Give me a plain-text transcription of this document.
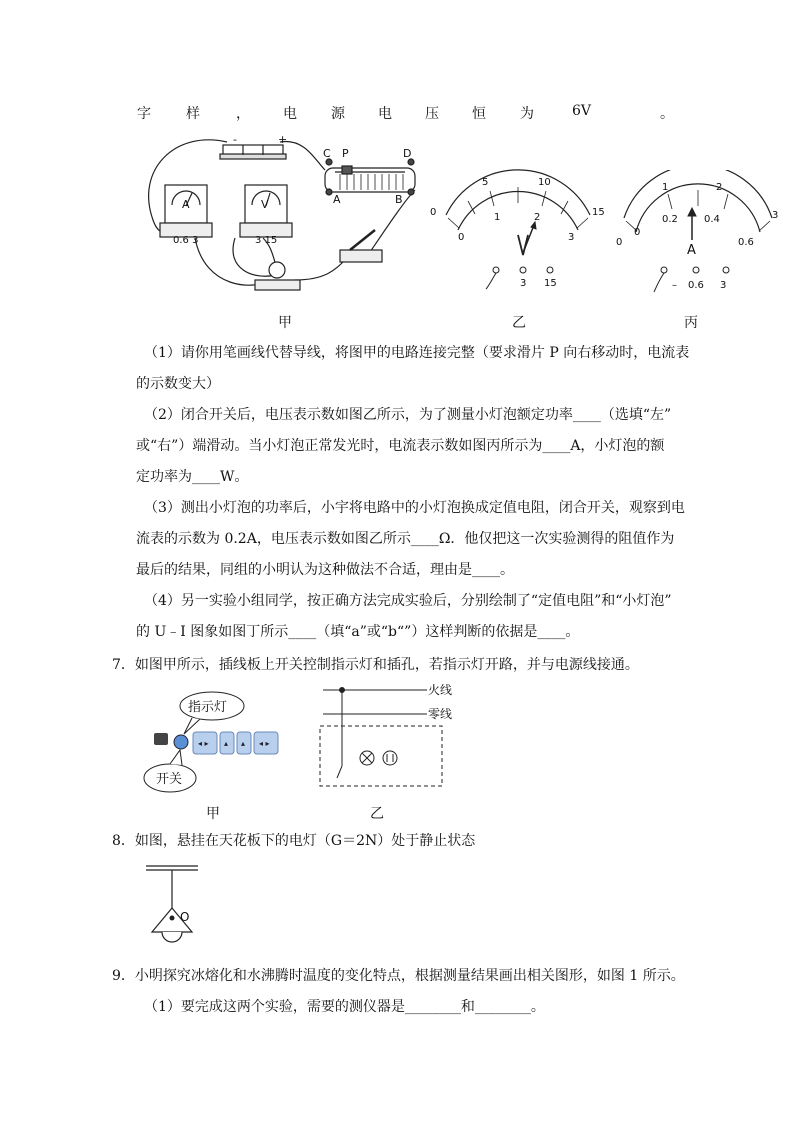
字	样	， 电 源 电 压 恒 为	6V	。
C P	D
A	B
-	+
A
0.6 3
V
3 15
甲
0
5	10
15
0
1	2
3
3 15
乙
0
1	2
3
0
0.2	0.4
0.6
A
– 0.6 3
丙
（1）请你用笔画线代替导线，将图甲的电路连接完整（要求滑片 P 向右移动时，电流表
的示数变大）
（2）闭合开关后，电压表示数如图乙所示，为了测量小灯泡额定功率____（选填“左”
或“右”）端滑动。当小灯泡正常发光时，电流表示数如图丙所示为____A，小灯泡的额
定功率为____W。
（3）测出小灯泡的功率后，小宇将电路中的小灯泡换成定值电阻，闭合开关，观察到电
流表的示数为 0.2A，电压表示数如图乙所示____Ω．他仅把这一次实验测得的阻值作为
最后的结果，同组的小明认为这种做法不合适，理由是____。
（4）另一实验小组同学，按正确方法完成实验后，分别绘制了“定值电阻”和“小灯泡”
的 U﹣I 图象如图丁所示____（填“a”或“b“”）这样判断的依据是____。
7．如图甲所示，插线板上开关控制指示灯和插孔，若指示灯开路，并与电源线接通。
◂ ▸ ▴ ▴ ◂ ▸
指示灯
开关
甲
火线
零线
乙
8．如图，悬挂在天花板下的电灯（G＝2N）处于静止状态
O
9．小明探究冰熔化和水沸腾时温度的变化特点，根据测量结果画出相关图形，如图 1 所示。
（1）要完成这两个实验，需要的测仪器是________和________。
